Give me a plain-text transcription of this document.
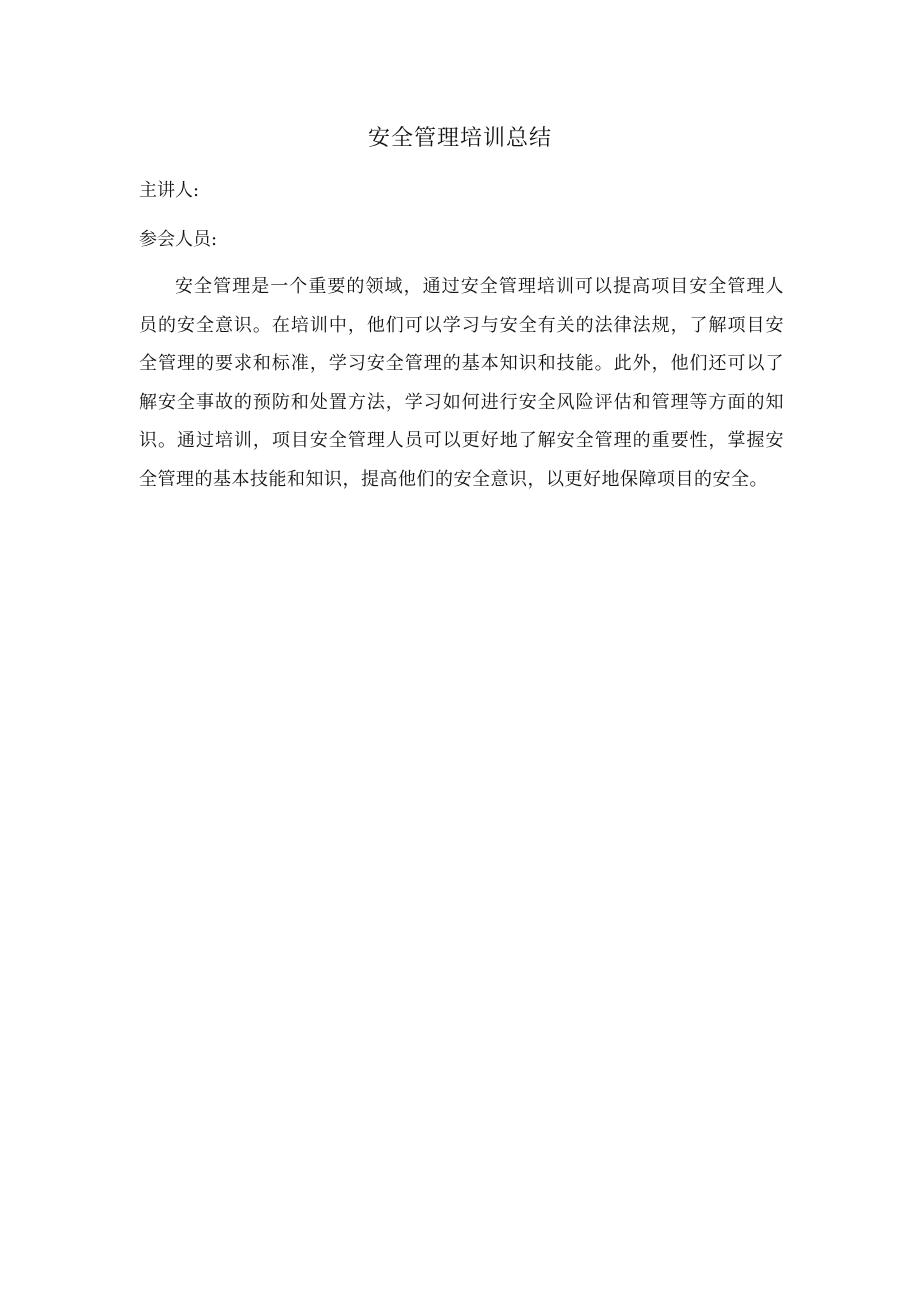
安全管理培训总结

主讲人:

参会人员:

安全管理是一个重要的领域，通过安全管理培训可以提高项目安全管理人员的安全意识。在培训中，他们可以学习与安全有关的法律法规，了解项目安全管理的要求和标准，学习安全管理的基本知识和技能。此外，他们还可以了解安全事故的预防和处置方法，学习如何进行安全风险评估和管理等方面的知识。通过培训，项目安全管理人员可以更好地了解安全管理的重要性，掌握安全管理的基本技能和知识，提高他们的安全意识，以更好地保障项目的安全。
